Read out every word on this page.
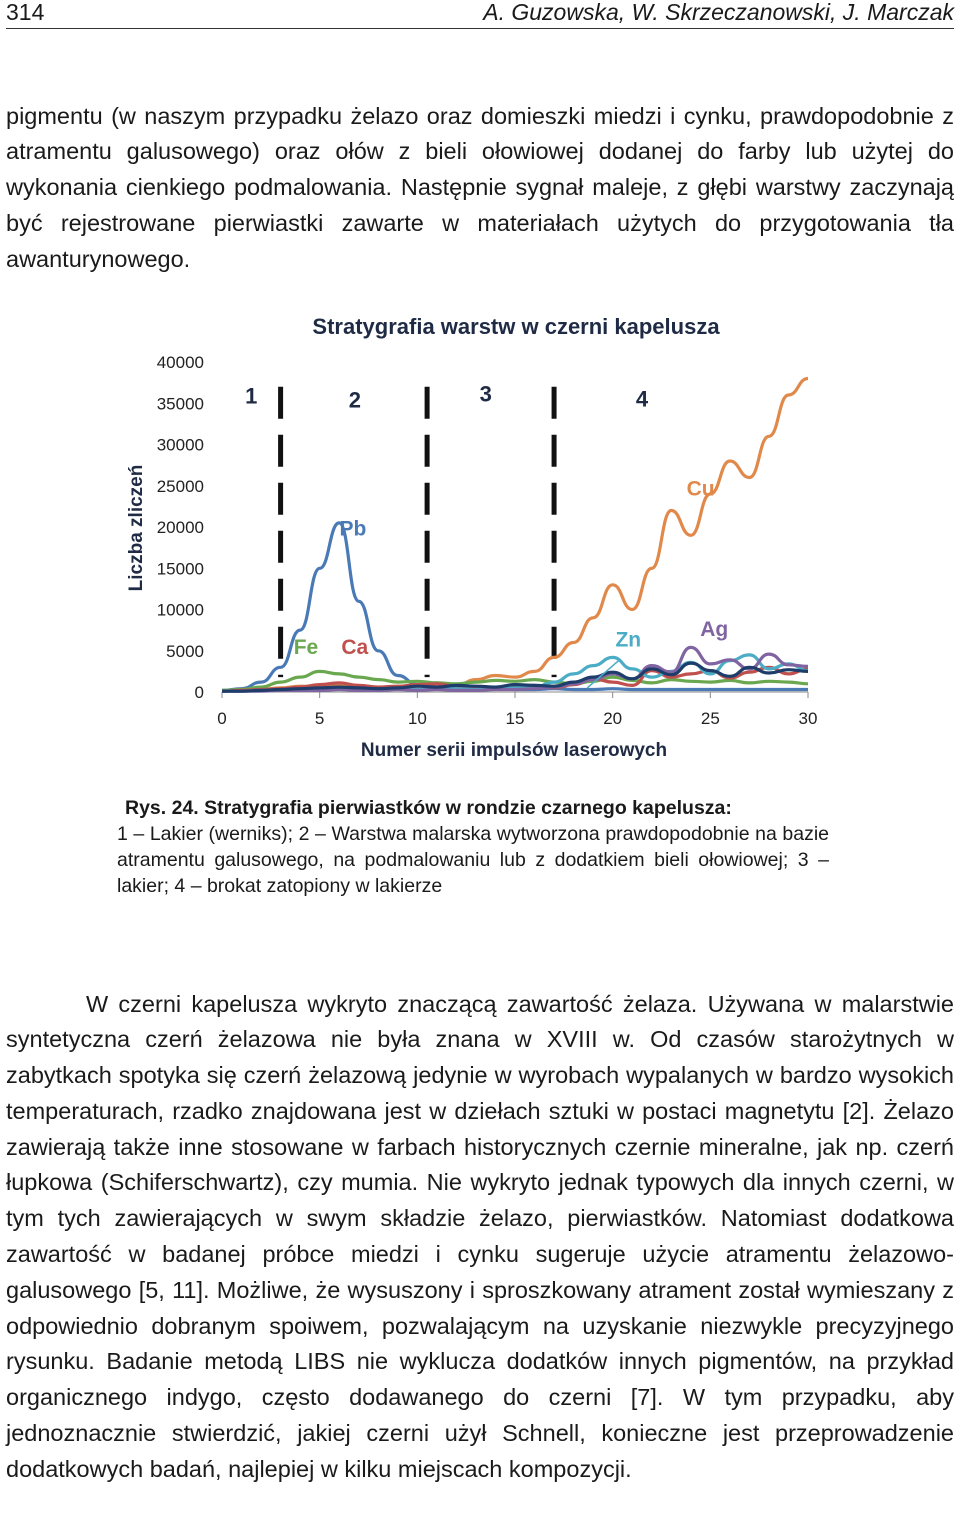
314	A. Guzowska, W. Skrzeczanowski, J. Marczak

pigmentu (w naszym przypadku żelazo oraz domieszki miedzi i cynku, prawdopodobnie z atramentu galusowego) oraz ołów z bieli ołowiowej dodanej do farby lub użytej do wykonania cienkiego podmalowania. Następnie sygnał maleje, z głębi warstwy zaczynają być rejestrowane pierwiastki zawarte w materiałach użytych do przygotowania tła awanturynowego.

Stratygrafia warstw w czerni kapelusza
Liczba zliczeń
Numer serii impulsów laserowych
0
5000
10000
15000
20000
25000
30000
35000
40000
0	5	10	15	20	25	30
Pb
Cu
Fe Ca	Zn	Ag
1	2	3	4
Rys. 24. Stratygrafia pierwiastków w rondzie czarnego kapelusza:
1 – Lakier (werniks); 2 – Warstwa malarska wytworzona prawdopodobnie na bazie atramentu galusowego, na podmalowaniu lub z dodatkiem bieli ołowiowej; 3 – lakier; 4 – brokat zatopiony w lakierze

W czerni kapelusza wykryto znaczącą zawartość żelaza. Używana w malarstwie syntetyczna czerń żelazowa nie była znana w XVIII w. Od czasów starożytnych w zabytkach spotyka się czerń żelazową jedynie w wyrobach wypalanych w bardzo wysokich temperaturach, rzadko znajdowana jest w dziełach sztuki w postaci magnetytu [2]. Żelazo zawierają także inne stosowane w farbach historycznych czernie mineralne, jak np. czerń łupkowa (Schiferschwartz), czy mumia. Nie wykryto jednak typowych dla innych czerni, w tym tych zawierających w swym składzie żelazo, pierwiastków. Natomiast dodatkowa zawartość w badanej próbce miedzi i cynku sugeruje użycie atramentu żelazowo-galusowego [5, 11]. Możliwe, że wysuszony i sproszkowany atrament został wymieszany z odpowiednio dobranym spoiwem, pozwalającym na uzyskanie niezwykle precyzyjnego rysunku. Badanie metodą LIBS nie wyklucza dodatków innych pigmentów, na przykład organicznego indygo, często dodawanego do czerni [7]. W tym przypadku, aby jednoznacznie stwierdzić, jakiej czerni użył Schnell, konieczne jest przeprowadzenie dodatkowych badań, najlepiej w kilku miejscach kompozycji.
